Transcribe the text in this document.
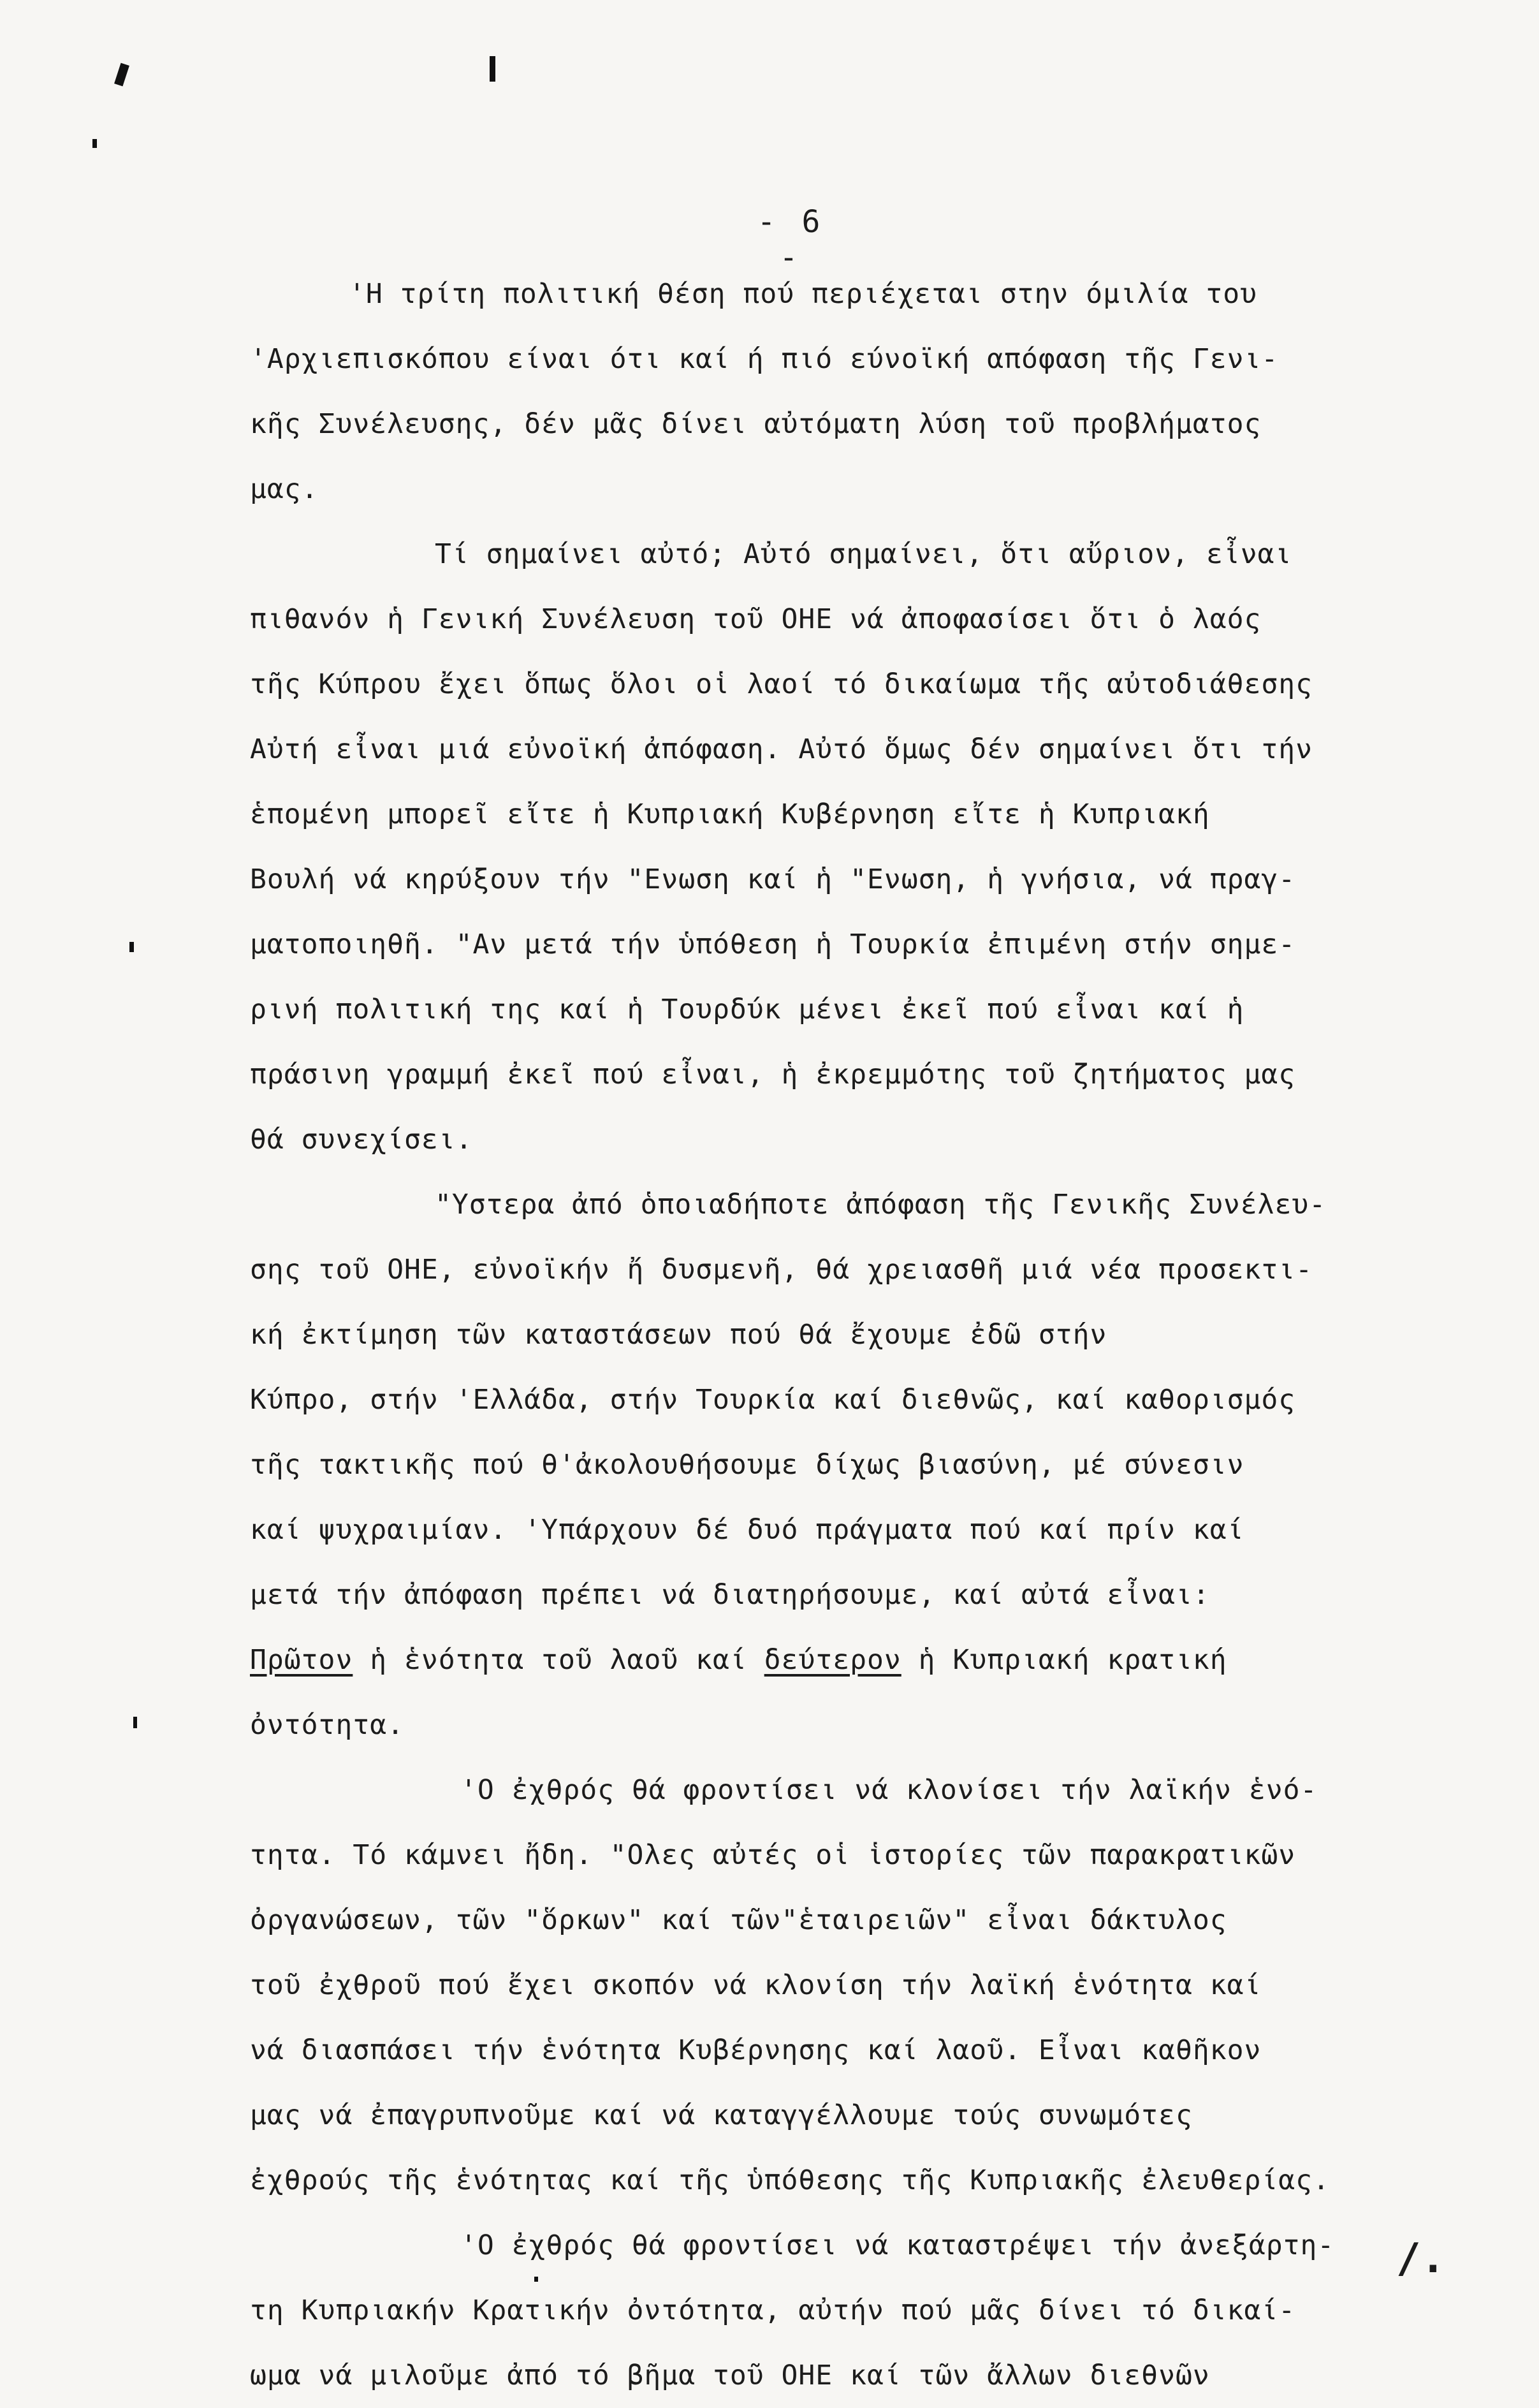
- 6 -

'Η τρίτη πολιτική θέση πού περιέχεται στην όμιλία του
'Αρχιεπισκόπου είναι ότι καί ή πιό εύνοϊκή απόφαση τῆς Γενι-
κῆς Συνέλευσης, δέν μᾶς δίνει αὐτόματη λύση τοῦ προβλήματος
μας.

Τί σημαίνει αὐτό; Αὐτό σημαίνει, ὅτι αὔριον, εἶναι
πιθανόν ἡ Γενική Συνέλευση τοῦ ΟΗΕ νά ἀποφασίσει ὅτι ὁ λαός
τῆς Κύπρου ἔχει ὅπως ὅλοι οἱ λαοί τό δικαίωμα τῆς αὐτοδιάθεσης
Αὐτή εἶναι μιά εὐνοϊκή ἀπόφαση. Αὐτό ὅμως δέν σημαίνει ὅτι τήν
ἑπομένη μπορεῖ εἴτε ἡ Κυπριακή Κυβέρνηση εἴτε ἡ Κυπριακή
Βουλή νά κηρύξουν τήν "Ενωση καί ἡ "Ενωση, ἡ γνήσια, νά πραγ-
ματοποιηθῆ. "Αν μετά τήν ὑπόθεση ἡ Τουρκία ἐπιμένη στήν σημε-
ρινή πολιτική της καί ἡ Τουρδύκ μένει ἐκεῖ πού εἶναι καί ἡ
πράσινη γραμμή ἐκεῖ πού εἶναι, ἡ ἐκρεμμότης τοῦ ζητήματος μας
θά συνεχίσει.

"Υστερα ἀπό ὁποιαδήποτε ἀπόφαση τῆς Γενικῆς Συνέλευ-
σης τοῦ ΟΗΕ, εὐνοϊκήν ἤ δυσμενῆ, θά χρειασθῆ μιά νέα προσεκτι-
κή ἐκτίμηση τῶν καταστάσεων πού θά ἔχουμε ἐδῶ στήν
Κύπρο, στήν 'Ελλάδα, στήν Τουρκία καί διεθνῶς, καί καθορισμός
τῆς τακτικῆς πού θ'ἀκολουθήσουμε δίχως βιασύνη, μέ σύνεσιν
καί ψυχραιμίαν. 'Υπάρχουν δέ δυό πράγματα πού καί πρίν καί
μετά τήν ἀπόφαση πρέπει νά διατηρήσουμε, καί αὐτά εἶναι:
Πρῶτον ἡ ἑνότητα τοῦ λαοῦ καί δεύτερον ἡ Κυπριακή κρατική
ὀντότητα.

'Ο ἐχθρός θά φροντίσει νά κλονίσει τήν λαϊκήν ἑνό-
τητα. Τό κάμνει ἤδη. "Ολες αὐτές οἱ ἱστορίες τῶν παρακρατικῶν
ὀργανώσεων, τῶν "ὅρκων" καί τῶν"ἑταιρειῶν" εἶναι δάκτυλος
τοῦ ἐχθροῦ πού ἔχει σκοπόν νά κλονίση τήν λαϊκή ἑνότητα καί
νά διασπάσει τήν ἑνότητα Κυβέρνησης καί λαοῦ. Εἶναι καθῆκον
μας νά ἐπαγρυπνοῦμε καί νά καταγγέλλουμε τούς συνωμότες
ἐχθρούς τῆς ἑνότητας καί τῆς ὑπόθεσης τῆς Κυπριακῆς ἐλευθερίας.

'Ο ἐχθρός θά φροντίσει νά καταστρέψει τήν ἀνεξάρτη-
τη Κυπριακήν Κρατικήν ὀντότητα, αὐτήν πού μᾶς δίνει τό δικαί-
ωμα νά μιλοῦμε ἀπό τό βῆμα τοῦ ΟΗΕ καί τῶν ἄλλων διεθνῶν

/.
